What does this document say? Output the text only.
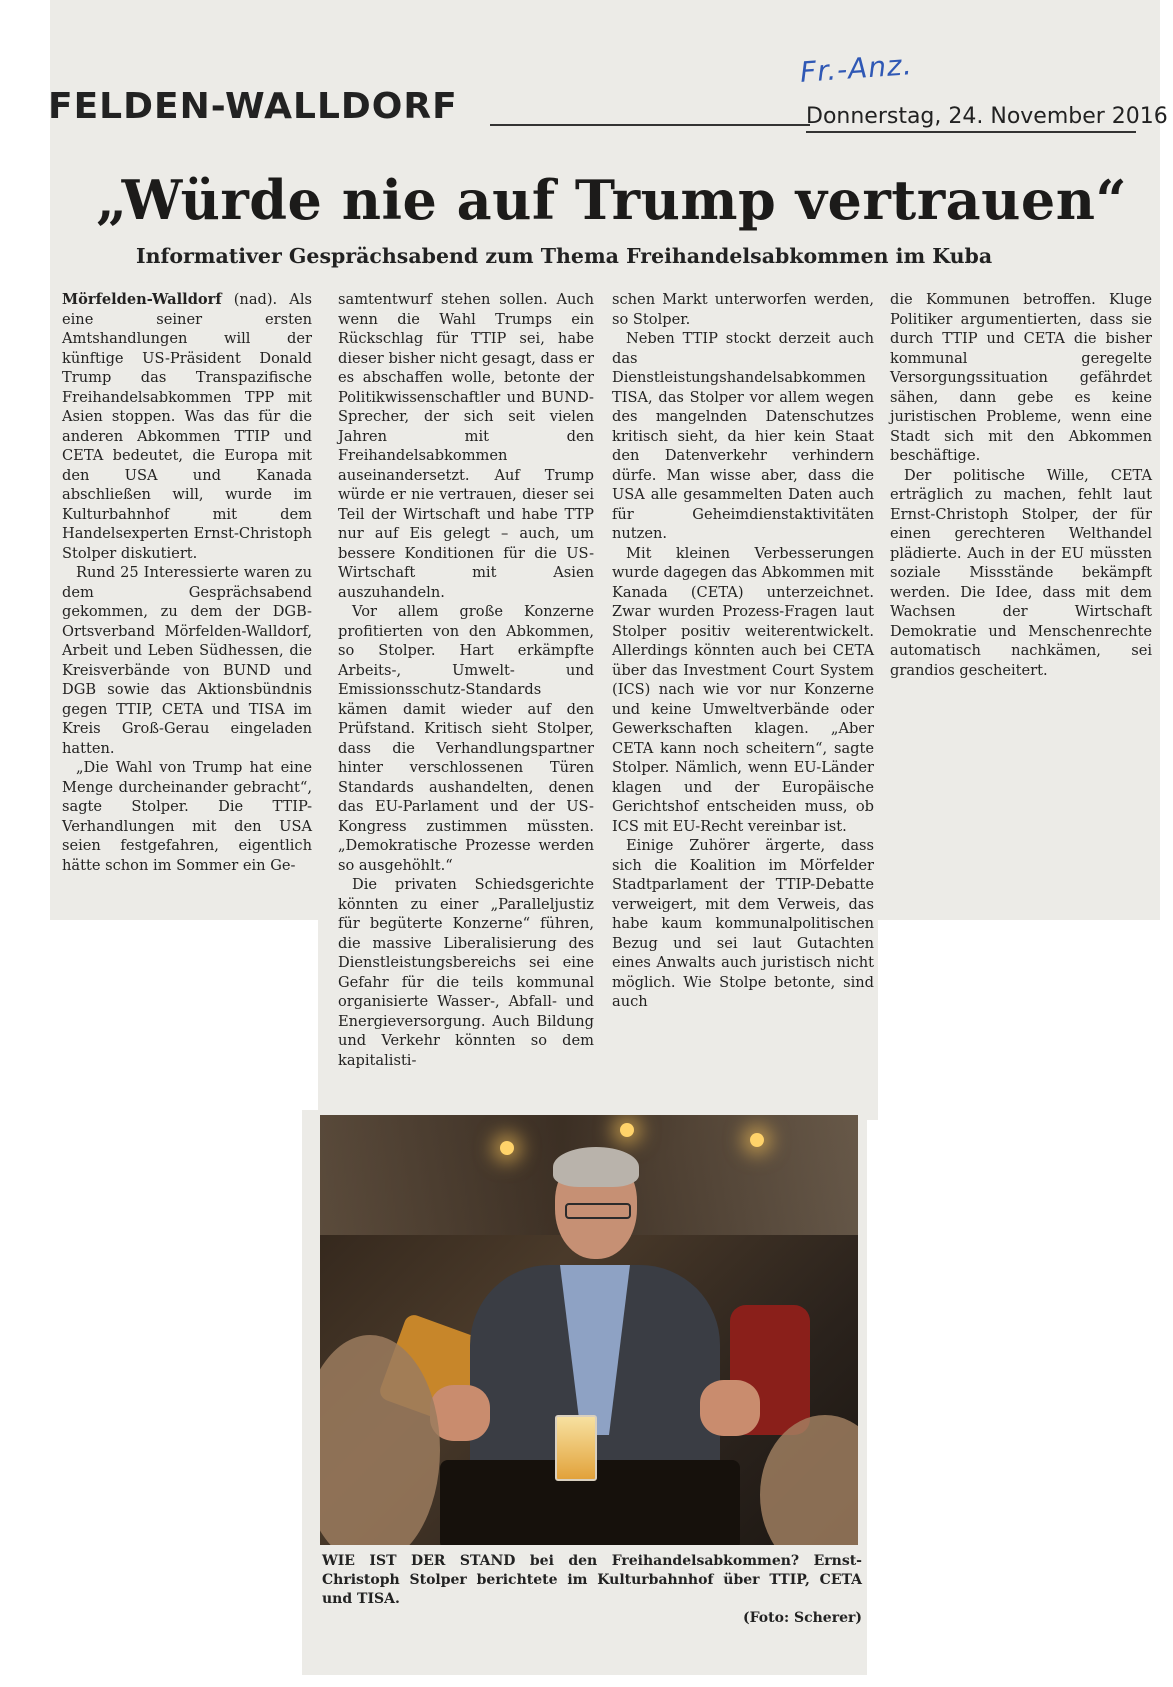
Fr.-Anz.
FELDEN-WALLDORF	Donnerstag, 24. November 2016
„Würde nie auf Trump vertrauen“
Informativer Gesprächsabend zum Thema Freihandelsabkommen im Kuba

Mörfelden-Walldorf (nad). Als eine seiner ersten Amtshandlungen will der künftige US-Präsident Donald Trump das Transpazifische Freihandelsabkommen TPP mit Asien stoppen. Was das für die anderen Abkommen TTIP und CETA bedeutet, die Europa mit den USA und Kanada abschließen will, wurde im Kulturbahnhof mit dem Handelsexperten Ernst-Christoph Stolper diskutiert.

Rund 25 Interessierte waren zu dem Gesprächsabend gekommen, zu dem der DGB-Ortsverband Mörfelden-Walldorf, Arbeit und Leben Südhessen, die Kreisverbände von BUND und DGB sowie das Aktionsbündnis gegen TTIP, CETA und TISA im Kreis Groß-Gerau eingeladen hatten.

„Die Wahl von Trump hat eine Menge durcheinander gebracht“, sagte Stolper. Die TTIP-Verhandlungen mit den USA seien festgefahren, eigentlich hätte schon im Sommer ein Ge-

samtentwurf stehen sollen. Auch wenn die Wahl Trumps ein Rückschlag für TTIP sei, habe dieser bisher nicht gesagt, dass er es abschaffen wolle, betonte der Politikwissenschaftler und BUND-Sprecher, der sich seit vielen Jahren mit den Freihandelsabkommen auseinandersetzt. Auf Trump würde er nie vertrauen, dieser sei Teil der Wirtschaft und habe TTP nur auf Eis gelegt – auch, um bessere Konditionen für die US-Wirtschaft mit Asien auszuhandeln.

Vor allem große Konzerne profitierten von den Abkommen, so Stolper. Hart erkämpfte Arbeits-, Umwelt- und Emissionsschutz-Standards kämen damit wieder auf den Prüfstand. Kritisch sieht Stolper, dass die Verhandlungspartner hinter verschlossenen Türen Standards aushandelten, denen das EU-Parlament und der US-Kongress zustimmen müssten. „Demokratische Prozesse werden so ausgehöhlt.“

Die privaten Schiedsgerichte könnten zu einer „Paralleljustiz für begüterte Konzerne“ führen, die massive Liberalisierung des Dienstleistungsbereichs sei eine Gefahr für die teils kommunal organisierte Wasser-, Abfall- und Energieversorgung. Auch Bildung und Verkehr könnten so dem kapitalisti-

schen Markt unterworfen werden, so Stolper.

Neben TTIP stockt derzeit auch das Dienstleistungshandelsabkommen TISA, das Stolper vor allem wegen des mangelnden Datenschutzes kritisch sieht, da hier kein Staat den Datenverkehr verhindern dürfe. Man wisse aber, dass die USA alle gesammelten Daten auch für Geheimdienstaktivitäten nutzen.

Mit kleinen Verbesserungen wurde dagegen das Abkommen mit Kanada (CETA) unterzeichnet. Zwar wurden Prozess-Fragen laut Stolper positiv weiterentwickelt. Allerdings könnten auch bei CETA über das Investment Court System (ICS) nach wie vor nur Konzerne und keine Umweltverbände oder Gewerkschaften klagen. „Aber CETA kann noch scheitern“, sagte Stolper. Nämlich, wenn EU-Länder klagen und der Europäische Gerichtshof entscheiden muss, ob ICS mit EU-Recht vereinbar ist.

Einige Zuhörer ärgerte, dass sich die Koalition im Mörfelder Stadtparlament der TTIP-Debatte verweigert, mit dem Verweis, das habe kaum kommunalpolitischen Bezug und sei laut Gutachten eines Anwalts auch juristisch nicht möglich. Wie Stolpe betonte, sind auch

die Kommunen betroffen. Kluge Politiker argumentierten, dass sie durch TTIP und CETA die bisher kommunal geregelte Versorgungssituation gefährdet sähen, dann gebe es keine juristischen Probleme, wenn eine Stadt sich mit den Abkommen beschäftige.

Der politische Wille, CETA erträglich zu machen, fehlt laut Ernst-Christoph Stolper, der für einen gerechteren Welthandel plädierte. Auch in der EU müssten soziale Missstände bekämpft werden. Die Idee, dass mit dem Wachsen der Wirtschaft Demokratie und Menschenrechte automatisch nachkämen, sei grandios gescheitert.

WIE IST DER STAND bei den Freihandelsabkommen? Ernst-Christoph Stolper berichtete im Kulturbahnhof über TTIP, CETA und TISA.
(Foto: Scherer)
